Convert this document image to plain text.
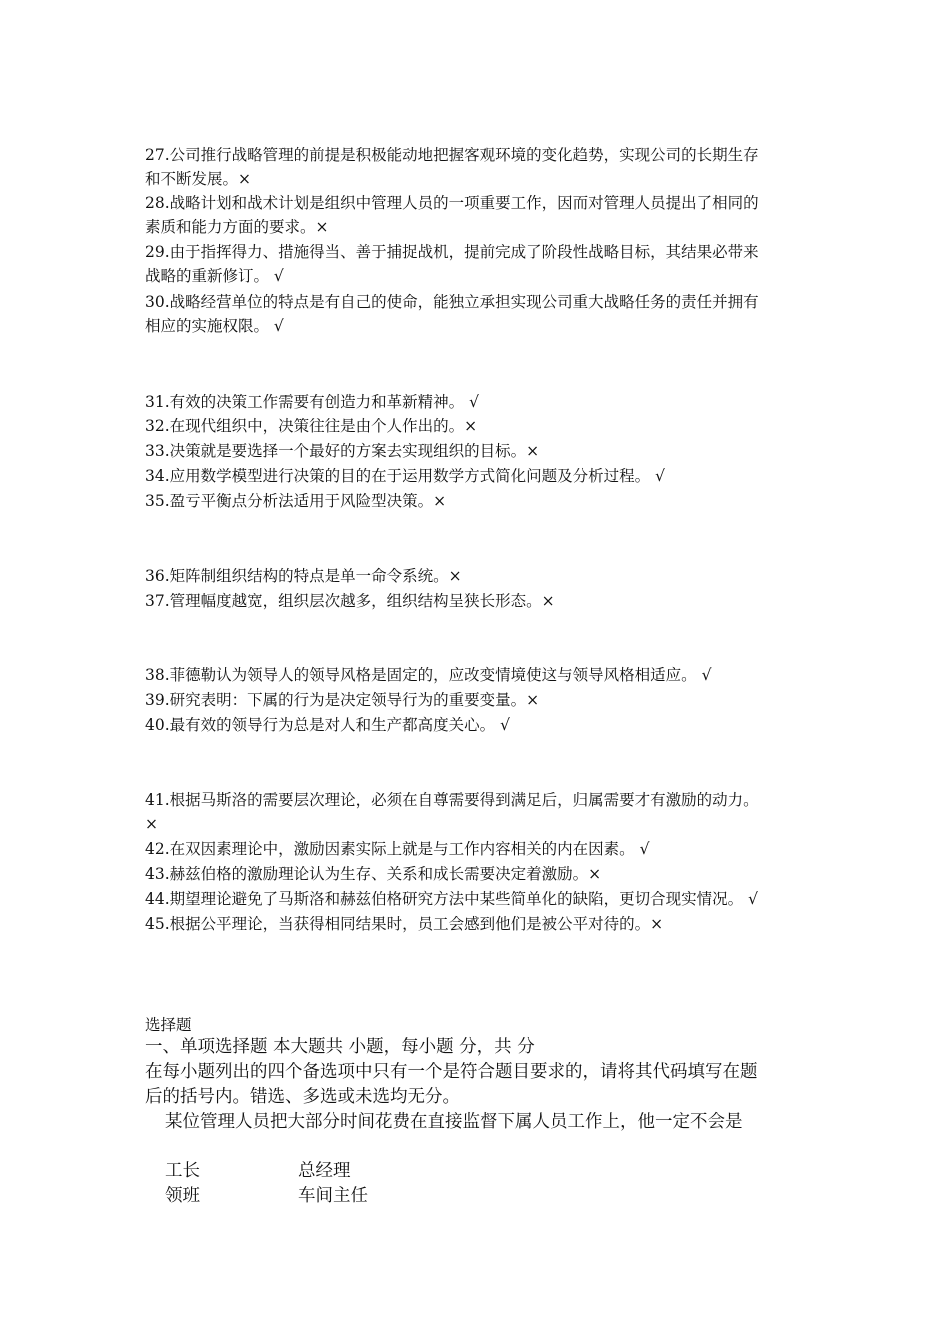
27.公司推行战略管理的前提是积极能动地把握客观环境的变化趋势，实现公司的长期生存
和不断发展。×
28.战略计划和战术计划是组织中管理人员的一项重要工作，因而对管理人员提出了相同的
素质和能力方面的要求。×
29.由于指挥得力、措施得当、善于捕捉战机，提前完成了阶段性战略目标，其结果必带来
战略的重新修订。 √
30.战略经营单位的特点是有自己的使命，能独立承担实现公司重大战略任务的责任并拥有
相应的实施权限。 √
31.有效的决策工作需要有创造力和革新精神。 √
32.在现代组织中，决策往往是由个人作出的。×
33.决策就是要选择一个最好的方案去实现组织的目标。×
34.应用数学模型进行决策的目的在于运用数学方式简化问题及分析过程。 √
35.盈亏平衡点分析法适用于风险型决策。×
36.矩阵制组织结构的特点是单一命令系统。×
37.管理幅度越宽，组织层次越多，组织结构呈狭长形态。×
38.菲德勒认为领导人的领导风格是固定的，应改变情境使这与领导风格相适应。 √
39.研究表明：下属的行为是决定领导行为的重要变量。×
40.最有效的领导行为总是对人和生产都高度关心。 √
41.根据马斯洛的需要层次理论，必须在自尊需要得到满足后，归属需要才有激励的动力。
×
42.在双因素理论中，激励因素实际上就是与工作内容相关的内在因素。 √
43.赫兹伯格的激励理论认为生存、关系和成长需要决定着激励。×
44.期望理论避免了马斯洛和赫兹伯格研究方法中某些简单化的缺陷，更切合现实情况。 √
45.根据公平理论，当获得相同结果时，员工会感到他们是被公平对待的。×
选择题
一、单项选择题 本大题共 小题，每小题 分，共 分
在每小题列出的四个备选项中只有一个是符合题目要求的，请将其代码填写在题
后的括号内。错选、多选或未选均无分。
某位管理人员把大部分时间花费在直接监督下属人员工作上，他一定不会是
工长	总经理
领班	车间主任
